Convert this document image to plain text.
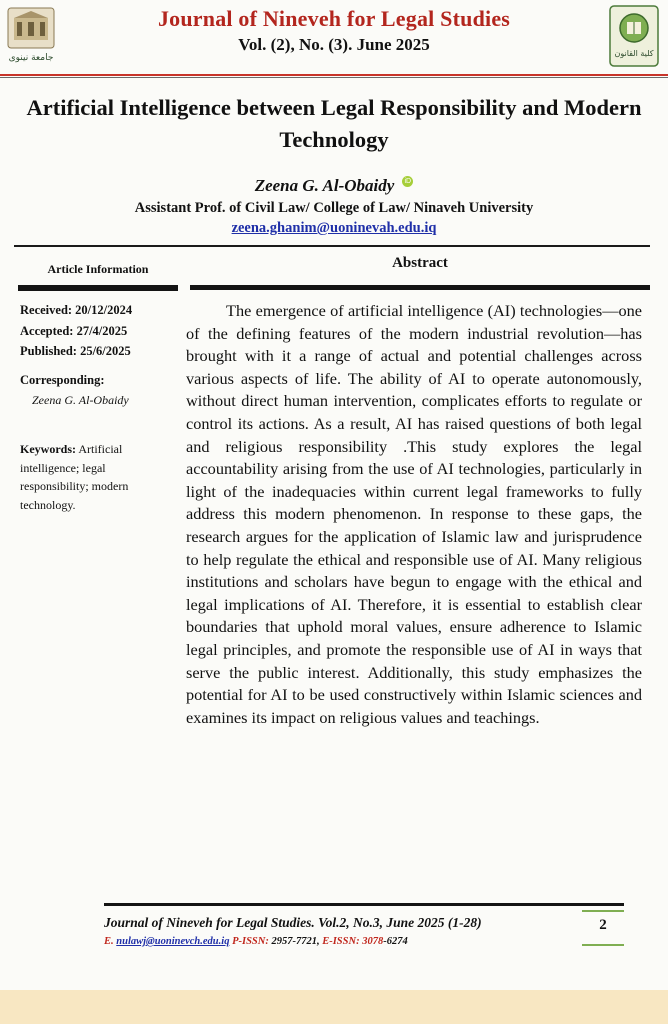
جامعة نينوى
Journal of Nineveh for Legal Studies
Vol. (2), No. (3). June 2025	كلية القانون
Artificial Intelligence between Legal Responsibility and Modern Technology
Zeena G. Al-Obaidy iD
Assistant Prof. of Civil Law/ College of Law/ Ninaveh University
zeena.ghanim@uoninevah.edu.iq
Article Information	Abstract
Received: 20/12/2024
Accepted: 27/4/2025
Published: 25/6/2025
Corresponding:
Zeena G. Al-Obaidy
Keywords: Artificial intelligence; legal responsibility; modern technology.
The emergence of artificial intelligence (AI) technologies—one of the defining features of the modern industrial revolution—has brought with it a range of actual and potential challenges across various aspects of life. The ability of AI to operate autonomously, without direct human intervention, complicates efforts to regulate or control its actions. As a result, AI has raised questions of both legal and religious responsibility .This study explores the legal accountability arising from the use of AI technologies, particularly in light of the inadequacies within current legal frameworks to fully address this modern phenomenon. In response to these gaps, the research argues for the application of Islamic law and jurisprudence to help regulate the ethical and responsible use of AI. Many religious institutions and scholars have begun to engage with the ethical and legal implications of AI. Therefore, it is essential to establish clear boundaries that uphold moral values, ensure adherence to Islamic legal principles, and promote the responsible use of AI in ways that serve the public interest. Additionally, this study emphasizes the potential for AI to be used constructively within Islamic sciences and examines its impact on religious values and teachings.
Journal of Nineveh for Legal Studies. Vol.2, No.3, June 2025 (1-28)
E. nulawj@uoninevch.edu.iq P-ISSN: 2957-7721, E-ISSN: 3078-6274
2
